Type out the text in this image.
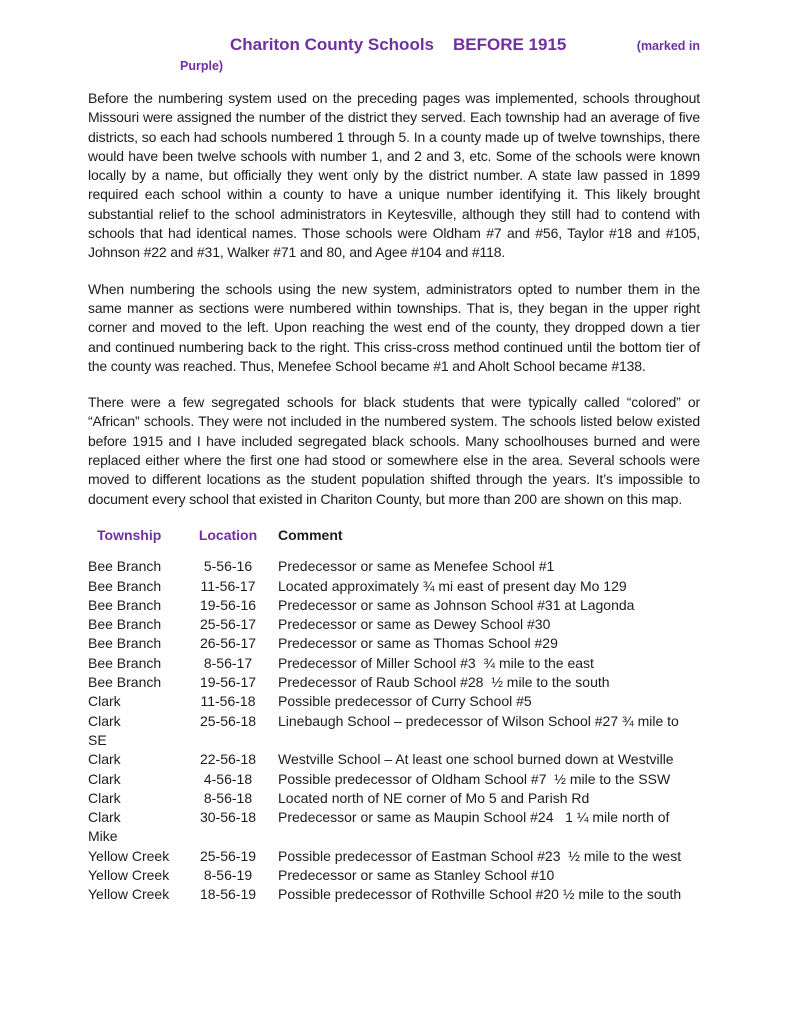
Chariton County Schools BEFORE 1915	(marked in
Purple)

Before the numbering system used on the preceding pages was implemented, schools throughout Missouri were assigned the number of the district they served. Each township had an average of five districts, so each had schools numbered 1 through 5. In a county made up of twelve townships, there would have been twelve schools with number 1, and 2 and 3, etc. Some of the schools were known locally by a name, but officially they went only by the district number. A state law passed in 1899 required each school within a county to have a unique number identifying it. This likely brought substantial relief to the school administrators in Keytesville, although they still had to contend with schools that had identical names. Those schools were Oldham #7 and #56, Taylor #18 and #105, Johnson #22 and #31, Walker #71 and 80, and Agee #104 and #118.

When numbering the schools using the new system, administrators opted to number them in the same manner as sections were numbered within townships. That is, they began in the upper right corner and moved to the left. Upon reaching the west end of the county, they dropped down a tier and continued numbering back to the right. This criss-cross method continued until the bottom tier of the county was reached. Thus, Menefee School became #1 and Aholt School became #138.

There were a few segregated schools for black students that were typically called “colored” or “African” schools. They were not included in the numbered system. The schools listed below existed before 1915 and I have included segregated black schools. Many schoolhouses burned and were replaced either where the first one had stood or somewhere else in the area. Several schools were moved to different locations as the student population shifted through the years. It’s impossible to document every school that existed in Chariton County, but more than 200 are shown on this map.

Township	Location	Comment
Bee Branch	5-56-16	Predecessor or same as Menefee School #1
Bee Branch	11-56-17	Located approximately ¾ mi east of present day Mo 129
Bee Branch	19-56-16	Predecessor or same as Johnson School #31 at Lagonda
Bee Branch	25-56-17	Predecessor or same as Dewey School #30
Bee Branch	26-56-17	Predecessor or same as Thomas School #29
Bee Branch	8-56-17	Predecessor of Miller School #3  ¾ mile to the east
Bee Branch	19-56-17	Predecessor of Raub School #28  ½ mile to the south
Clark	11-56-18	Possible predecessor of Curry School #5
Clark	25-56-18	Linebaugh School – predecessor of Wilson School #27 ¾ mile to
SE
Clark	22-56-18	Westville School – At least one school burned down at Westville
Clark	4-56-18	Possible predecessor of Oldham School #7  ½ mile to the SSW
Clark	8-56-18	Located north of NE corner of Mo 5 and Parish Rd
Clark	30-56-18	Predecessor or same as Maupin School #24   1 ¼ mile north of
Mike
Yellow Creek	25-56-19	Possible predecessor of Eastman School #23  ½ mile to the west
Yellow Creek	8-56-19	Predecessor or same as Stanley School #10
Yellow Creek	18-56-19	Possible predecessor of Rothville School #20 ½ mile to the south
